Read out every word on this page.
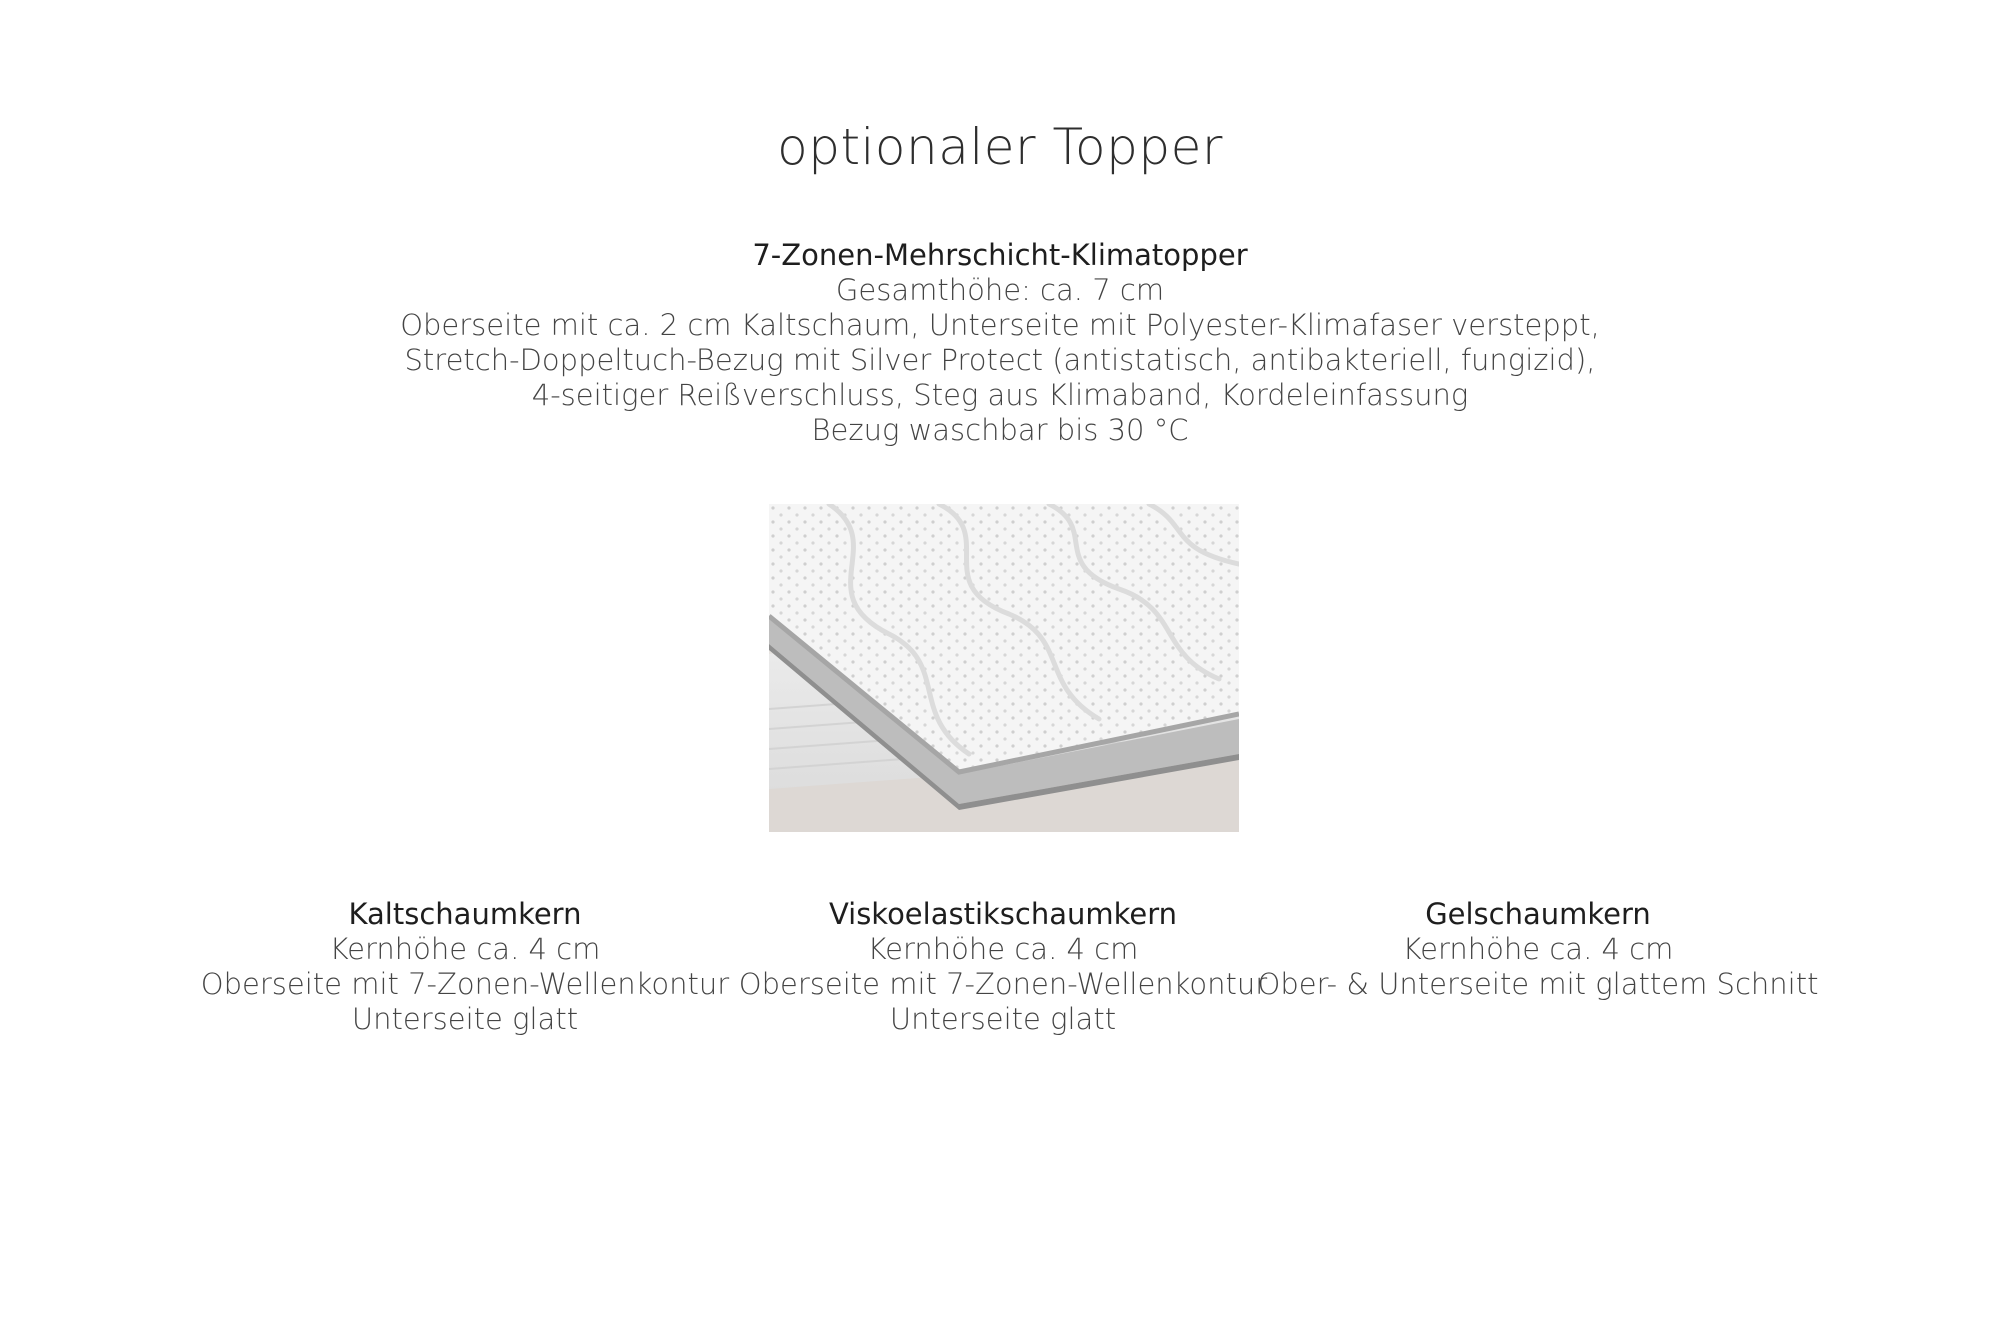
optionaler Topper

7-Zonen-Mehrschicht-Klimatopper

Gesamthöhe: ca. 7 cm

Oberseite mit ca. 2 cm Kaltschaum, Unterseite mit Polyester-Klimafaser versteppt,

Stretch-Doppeltuch-Bezug mit Silver Protect (antistatisch, antibakteriell, fungizid),

4-seitiger Reißverschluss, Steg aus Klimaband, Kordeleinfassung

Bezug waschbar bis 30 °C

Kaltschaumkern

Kernhöhe ca. 4 cm

Oberseite mit 7-Zonen-Wellenkontur

Unterseite glatt

Viskoelastikschaumkern

Kernhöhe ca. 4 cm

Oberseite mit 7-Zonen-Wellenkontur

Unterseite glatt

Gelschaumkern

Kernhöhe ca. 4 cm

Ober- & Unterseite mit glattem Schnitt
